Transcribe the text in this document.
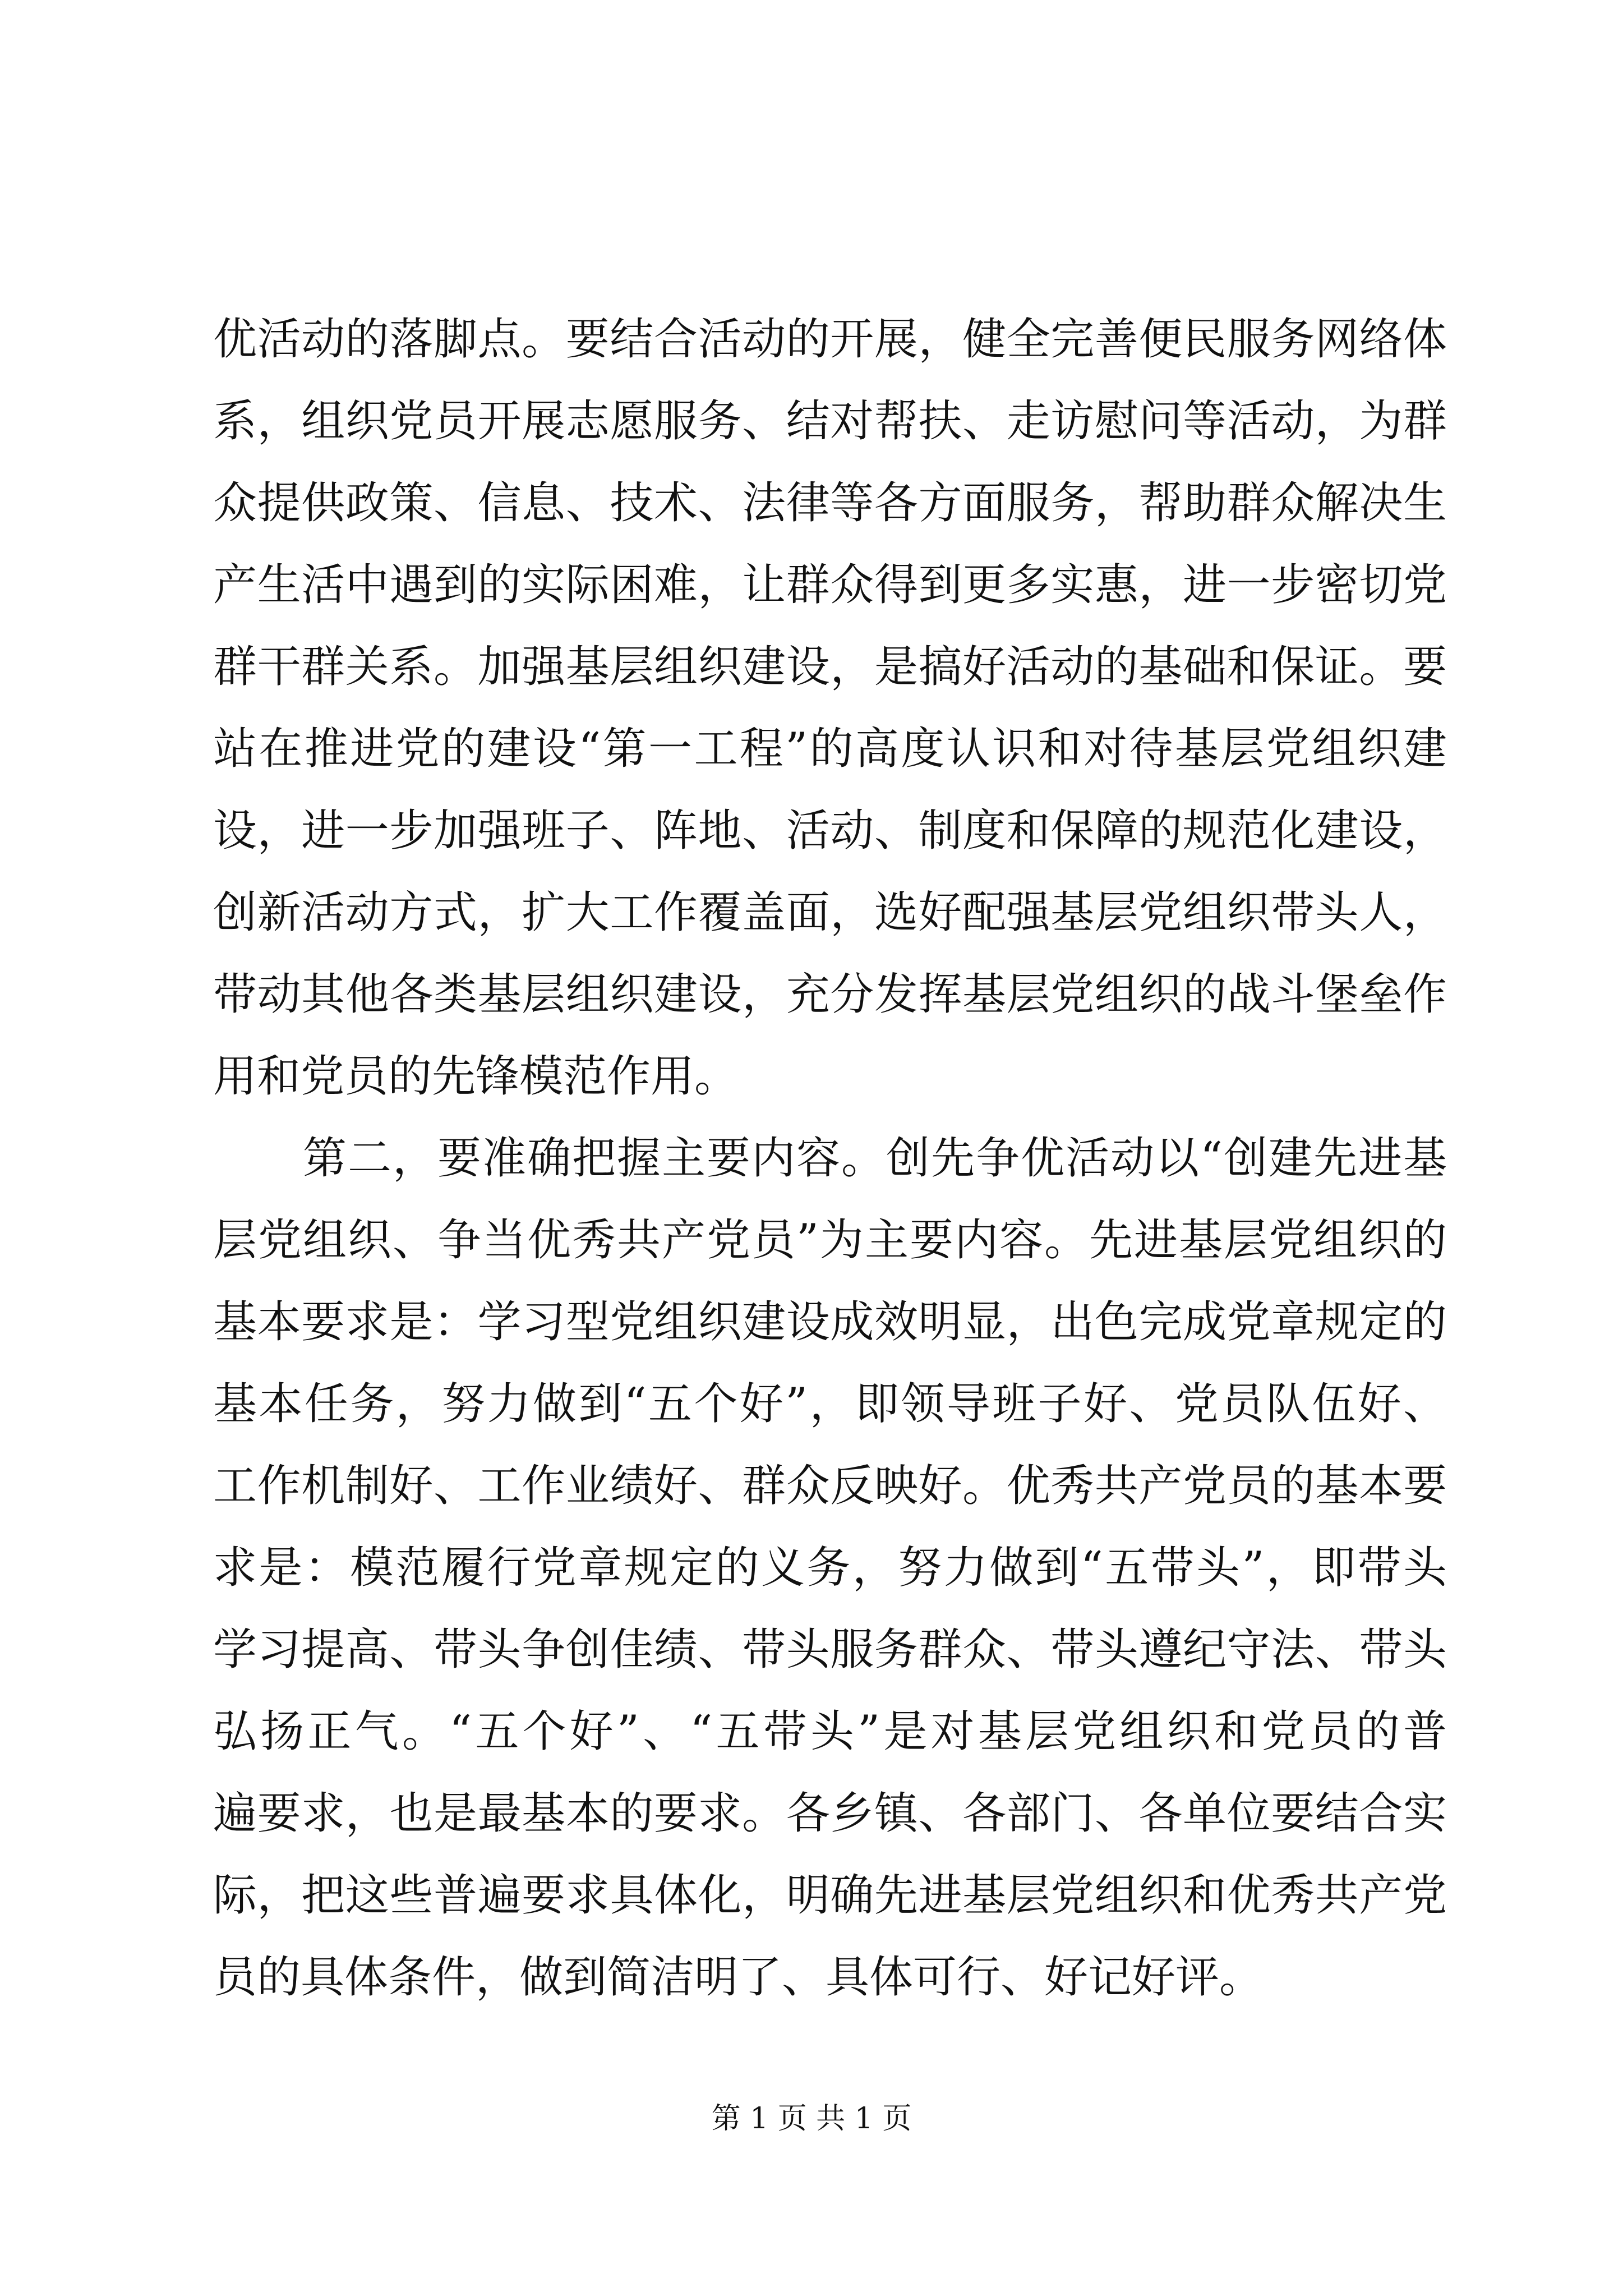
优活动的落脚点。要结合活动的开展，健全完善便民服务网络体
系，组织党员开展志愿服务、结对帮扶、走访慰问等活动，为群
众提供政策、信息、技术、法律等各方面服务，帮助群众解决生
产生活中遇到的实际困难，让群众得到更多实惠，进一步密切党
群干群关系。加强基层组织建设，是搞好活动的基础和保证。要
站在推进党的建设“第一工程”的高度认识和对待基层党组织建
设，进一步加强班子、阵地、活动、制度和保障的规范化建设，
创新活动方式，扩大工作覆盖面，选好配强基层党组织带头人，
带动其他各类基层组织建设，充分发挥基层党组织的战斗堡垒作
用和党员的先锋模范作用。
　　第二，要准确把握主要内容。创先争优活动以“创建先进基
层党组织、争当优秀共产党员”为主要内容。先进基层党组织的
基本要求是：学习型党组织建设成效明显，出色完成党章规定的
基本任务，努力做到“五个好”，即领导班子好、党员队伍好、
工作机制好、工作业绩好、群众反映好。优秀共产党员的基本要
求是：模范履行党章规定的义务，努力做到“五带头”，即带头
学习提高、带头争创佳绩、带头服务群众、带头遵纪守法、带头
弘扬正气。“五个好”、“五带头”是对基层党组织和党员的普
遍要求，也是最基本的要求。各乡镇、各部门、各单位要结合实
际，把这些普遍要求具体化，明确先进基层党组织和优秀共产党
员的具体条件，做到简洁明了、具体可行、好记好评。
第 1 页 共 1 页
